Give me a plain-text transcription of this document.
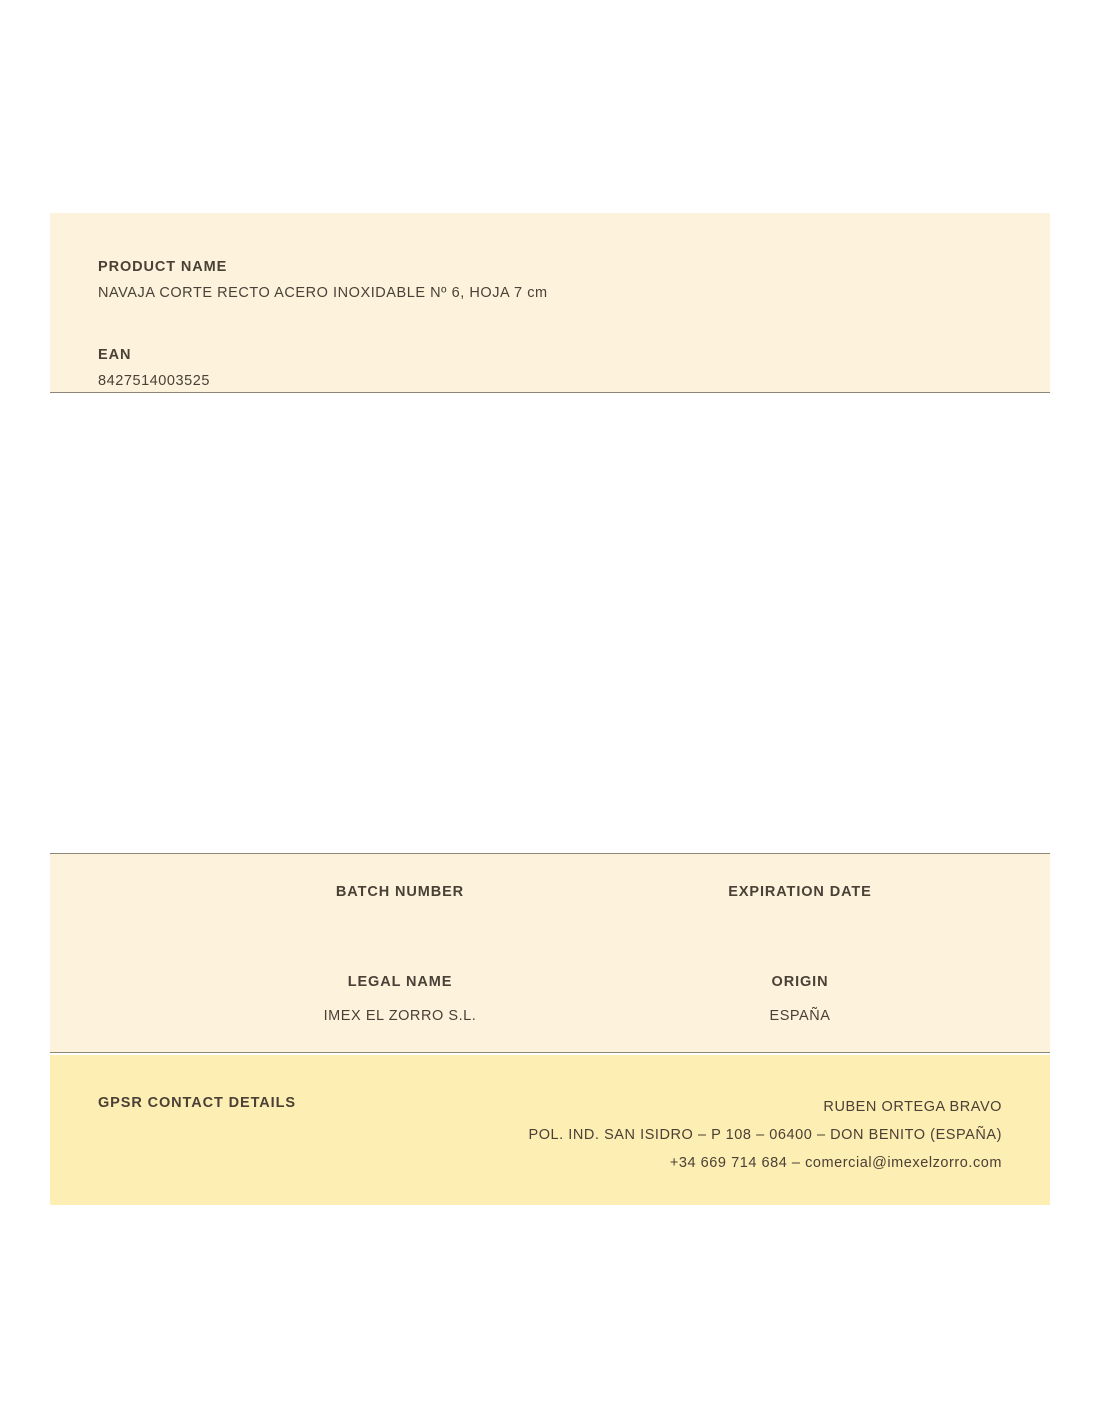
PRODUCT NAME

NAVAJA CORTE RECTO ACERO INOXIDABLE Nº 6, HOJA 7 cm

EAN

8427514003525

BATCH NUMBER	EXPIRATION DATE

LEGAL NAME

IMEX EL ZORRO S.L.

ORIGIN

ESPAÑA

GPSR CONTACT DETAILS	RUBEN ORTEGA BRAVO
POL. IND. SAN ISIDRO – P 108 – 06400 – DON BENITO (ESPAÑA)
+34 669 714 684 – comercial@imexelzorro.com
